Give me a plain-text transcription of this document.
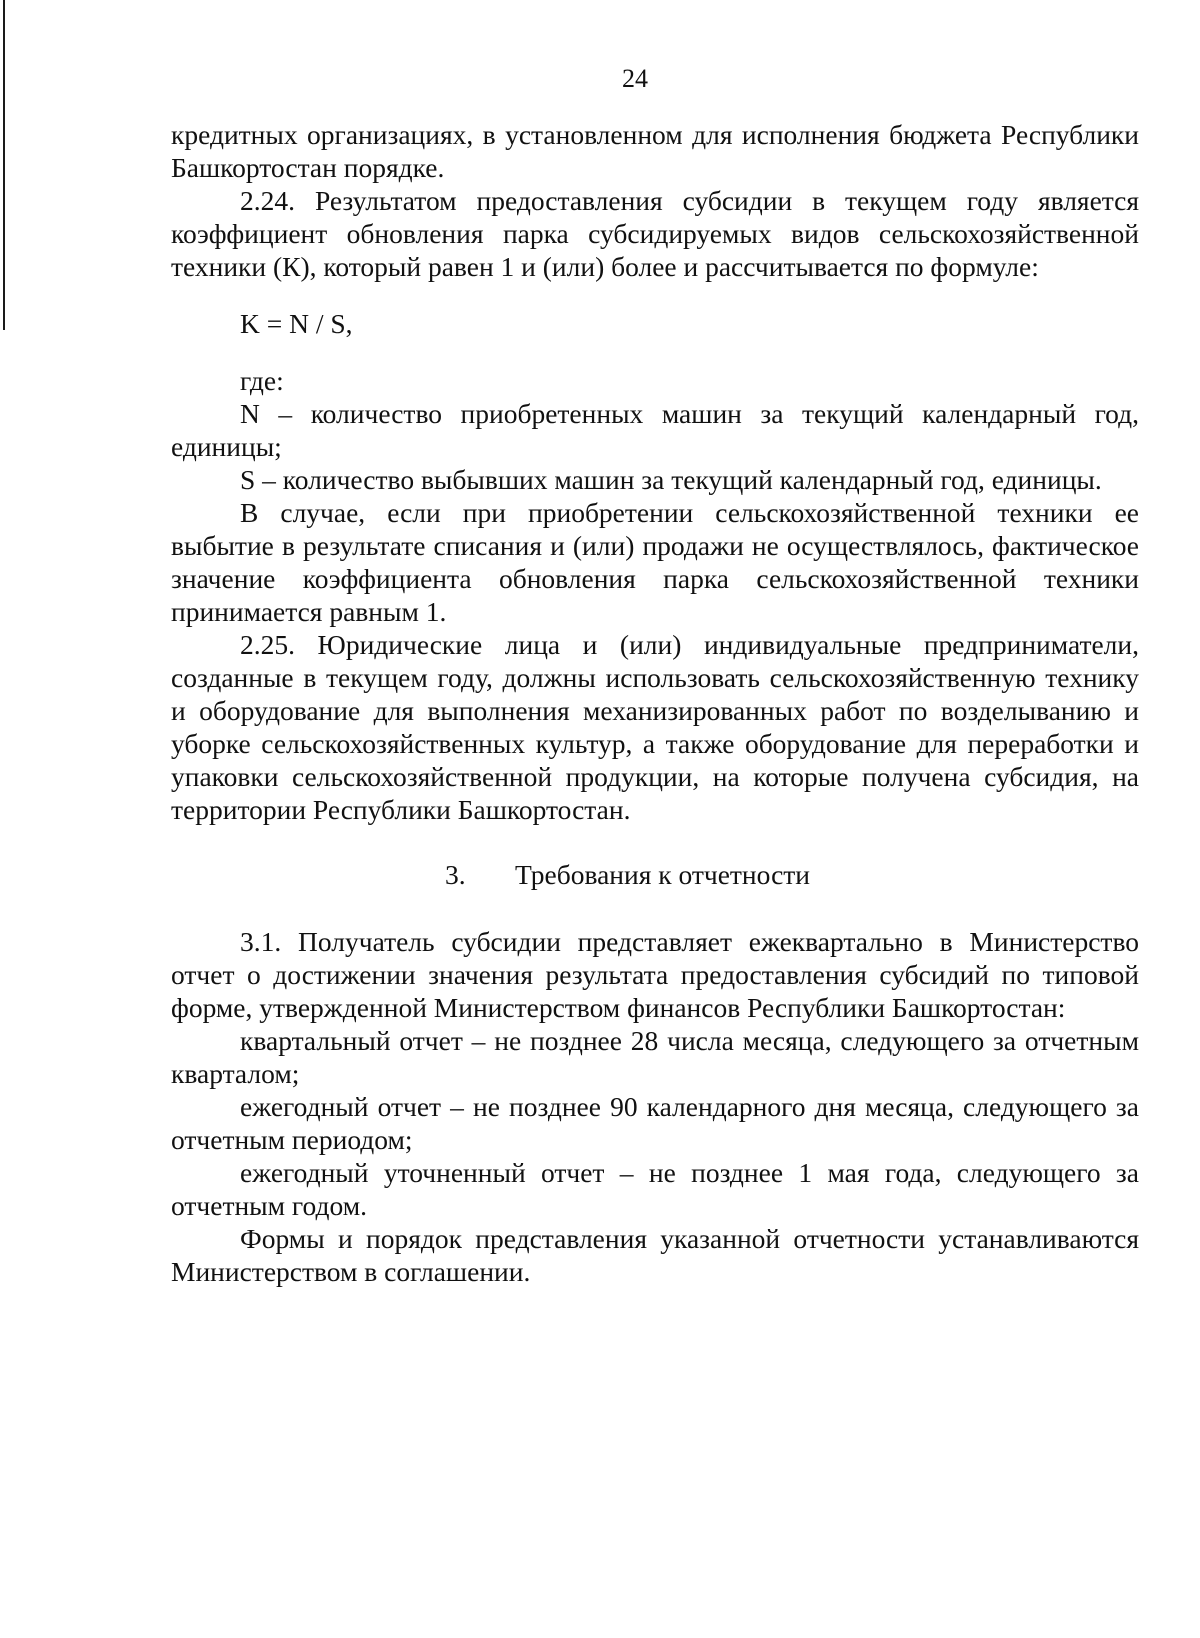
24

кредитных организациях, в установленном для исполнения бюджета Республики Башкортостан порядке.

2.24. Результатом предоставления субсидии в текущем году является коэффициент обновления парка субсидируемых видов сельскохозяйственной техники (К), который равен 1 и (или) более и рассчитывается по формуле:

K = N / S,

где:

N – количество приобретенных машин за текущий календарный год, единицы;

S – количество выбывших машин за текущий календарный год, единицы.

В случае, если при приобретении сельскохозяйственной техники ее выбытие в результате списания и (или) продажи не осуществлялось, фактическое значение коэффициента обновления парка сельскохозяйственной техники принимается равным 1.

2.25. Юридические лица и (или) индивидуальные предприниматели, созданные в текущем году, должны использовать сельскохозяйственную технику и оборудование для выполнения механизированных работ по возделыванию и уборке сельскохозяйственных культур, а также оборудование для переработки и упаковки сельскохозяйственной продукции, на которые получена субсидия, на территории Республики Башкортостан.

3. Требования к отчетности

3.1. Получатель субсидии представляет ежеквартально в Министерство отчет о достижении значения результата предоставления субсидий по типовой форме, утвержденной Министерством финансов Республики Башкортостан:

квартальный отчет – не позднее 28 числа месяца, следующего за отчетным кварталом;

ежегодный отчет – не позднее 90 календарного дня месяца, следующего за отчетным периодом;

ежегодный уточненный отчет – не позднее 1 мая года, следующего за отчетным годом.

Формы и порядок представления указанной отчетности устанавливаются Министерством в соглашении.
